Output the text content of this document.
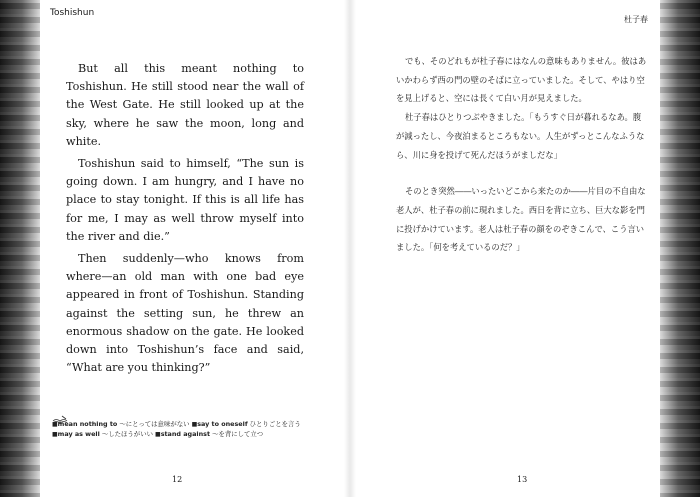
Toshishun
杜子春

But all this meant nothing to Toshishun. He still stood near the wall of the West Gate. He still looked up at the sky, where he saw the moon, long and white.

Toshishun said to himself, “The sun is going down. I am hungry, and I have no place to stay tonight. If this is all life has for me, I may as well throw myself into the river and die.”

Then suddenly—who knows from where—an old man with one bad eye appeared in front of Toshishun. Standing against the setting sun, he threw an enormous shadow on the gate. He looked down into Toshishun’s face and said, “What are you thinking?”

でも、そのどれもが杜子春にはなんの意味もありません。彼はあいかわらず西の門の壁のそばに立っていました。そして、やはり空を見上げると、空には長くて白い月が見えました。

杜子春はひとりつぶやきました。「もうすぐ日が暮れるなあ。腹が減ったし、今夜泊まるところもない。人生がずっとこんなふうなら、川に身を投げて死んだほうがましだな」

そのとき突然――いったいどこから来たのか――片目の不自由な老人が、杜子春の前に現れました。西日を背に立ち、巨大な影を門に投げかけています。老人は杜子春の顔をのぞきこんで、こう言いました。「何を考えているのだ？」

■mean nothing to 〜にとっては意味がない ■say to oneself ひとりごとを言う
■may as well 〜したほうがいい ■stand against 〜を背にして立つ
12	13
